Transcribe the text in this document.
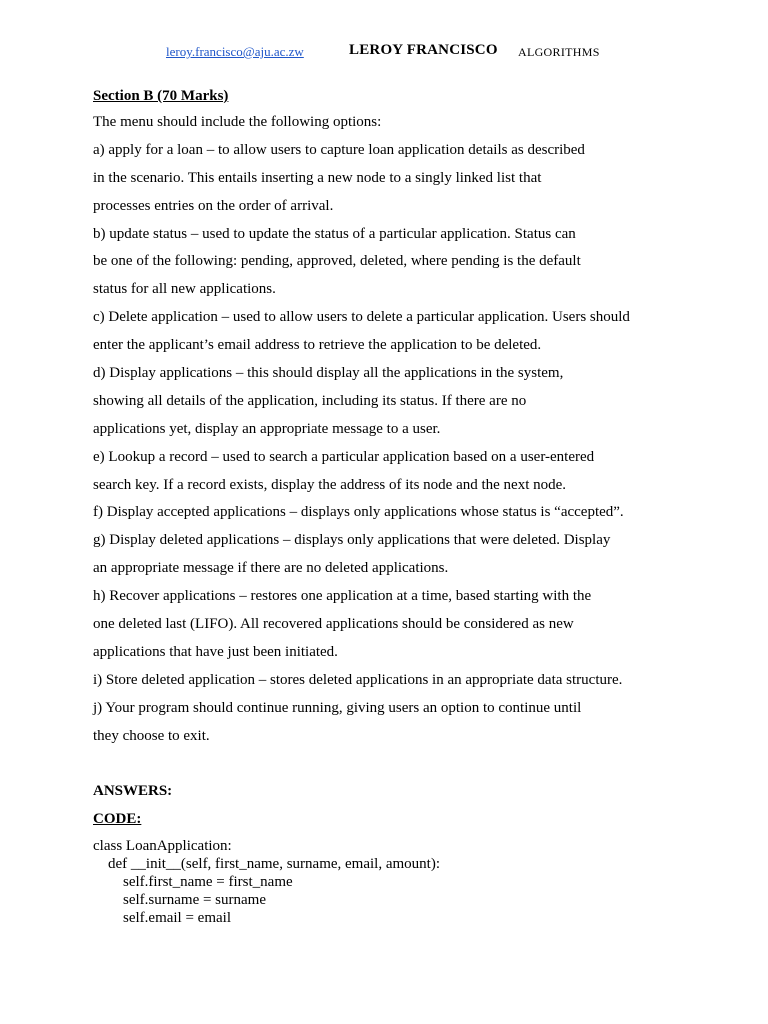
leroy.francisco@aju.ac.zw	LEROY FRANCISCO ALGORITHMS
Section B (70 Marks)
The menu should include the following options:
a) apply for a loan – to allow users to capture loan application details as described
in the scenario. This entails inserting a new node to a singly linked list that
processes entries on the order of arrival.
b) update status – used to update the status of a particular application. Status can
be one of the following: pending, approved, deleted, where pending is the default
status for all new applications.
c) Delete application – used to allow users to delete a particular application. Users should
enter the applicant’s email address to retrieve the application to be deleted.
d) Display applications – this should display all the applications in the system,
showing all details of the application, including its status. If there are no
applications yet, display an appropriate message to a user.
e) Lookup a record – used to search a particular application based on a user-entered
search key. If a record exists, display the address of its node and the next node.
f) Display accepted applications – displays only applications whose status is “accepted”.
g) Display deleted applications – displays only applications that were deleted. Display
an appropriate message if there are no deleted applications.
h) Recover applications – restores one application at a time, based starting with the
one deleted last (LIFO). All recovered applications should be considered as new
applications that have just been initiated.
i) Store deleted application – stores deleted applications in an appropriate data structure.
j) Your program should continue running, giving users an option to continue until
they choose to exit.
ANSWERS:
CODE:
class LoanApplication:
def __init__(self, first_name, surname, email, amount):
self.first_name = first_name
self.surname = surname
self.email = email
